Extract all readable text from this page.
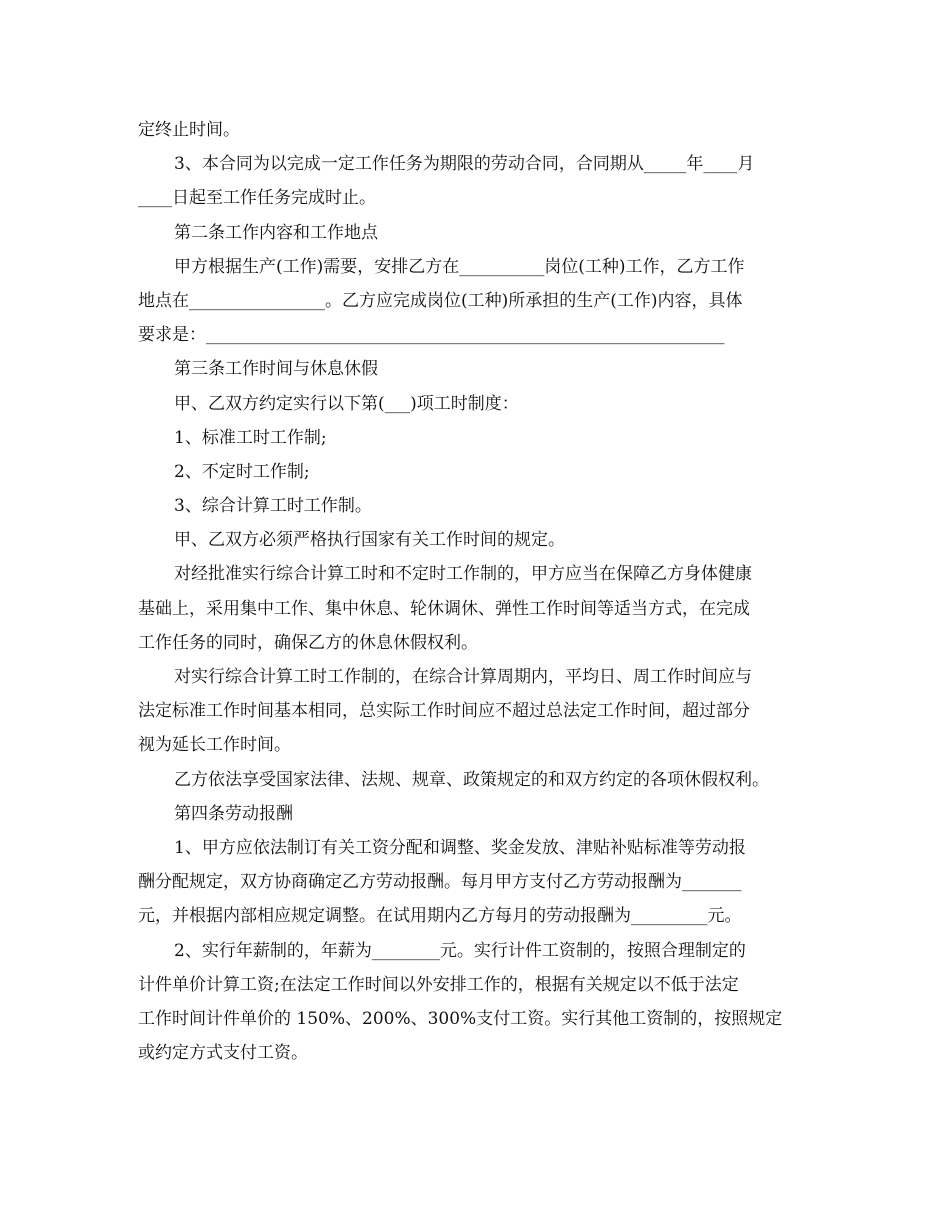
定终止时间。
3、本合同为以完成一定工作任务为期限的劳动合同，合同期从_____年____月
____日起至工作任务完成时止。
第二条工作内容和工作地点
甲方根据生产(工作)需要，安排乙方在__________岗位(工种)工作，乙方工作
地点在________________。乙方应完成岗位(工种)所承担的生产(工作)内容，具体
要求是：_____________________________________________________________
第三条工作时间与休息休假
甲、乙双方约定实行以下第(___)项工时制度：
1、标准工时工作制;
2、不定时工作制;
3、综合计算工时工作制。
甲、乙双方必须严格执行国家有关工作时间的规定。
对经批准实行综合计算工时和不定时工作制的，甲方应当在保障乙方身体健康
基础上，采用集中工作、集中休息、轮休调休、弹性工作时间等适当方式，在完成
工作任务的同时，确保乙方的休息休假权利。
对实行综合计算工时工作制的，在综合计算周期内，平均日、周工作时间应与
法定标准工作时间基本相同，总实际工作时间应不超过总法定工作时间，超过部分
视为延长工作时间。
乙方依法享受国家法律、法规、规章、政策规定的和双方约定的各项休假权利。
第四条劳动报酬
1、甲方应依法制订有关工资分配和调整、奖金发放、津贴补贴标准等劳动报
酬分配规定，双方协商确定乙方劳动报酬。每月甲方支付乙方劳动报酬为_______
元，并根据内部相应规定调整。在试用期内乙方每月的劳动报酬为_________元。
2、实行年薪制的，年薪为________元。实行计件工资制的，按照合理制定的
计件单价计算工资;在法定工作时间以外安排工作的，根据有关规定以不低于法定
工作时间计件单价的 150%、200%、300%支付工资。实行其他工资制的，按照规定
或约定方式支付工资。
